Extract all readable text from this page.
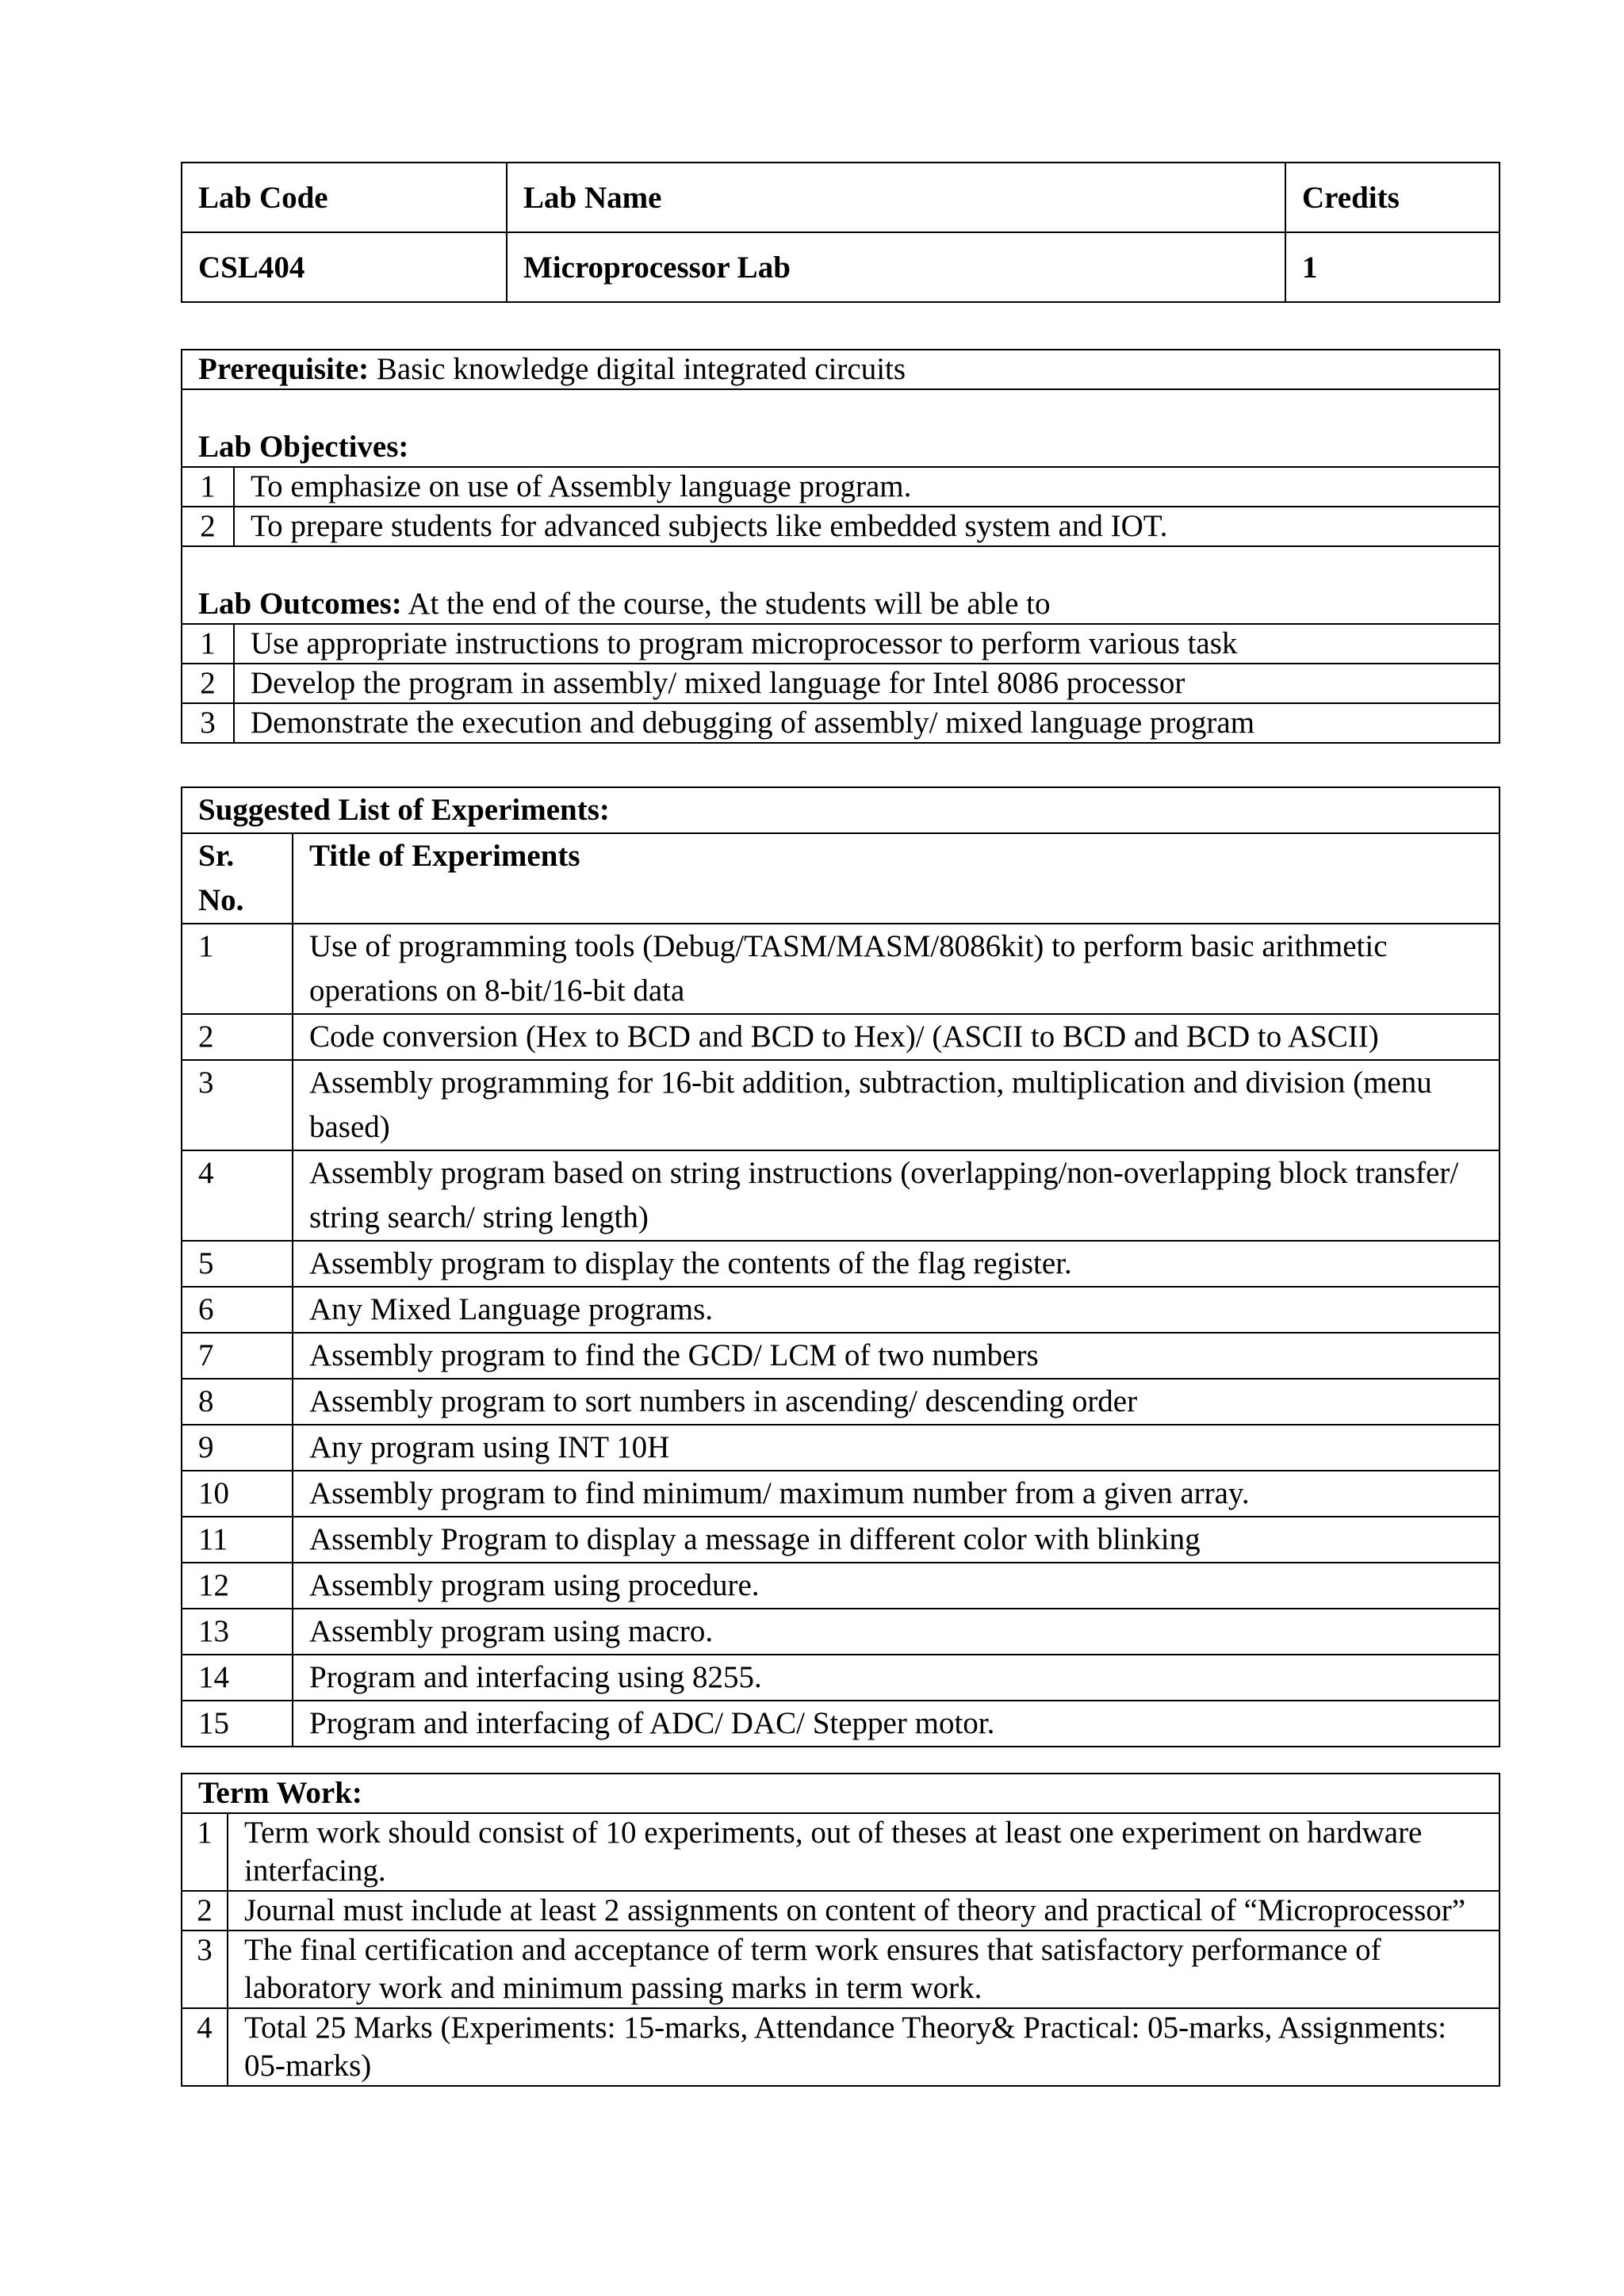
Lab Code	Lab Name	Credits
CSL404	Microprocessor Lab	1
Prerequisite: Basic knowledge digital integrated circuits	

Lab Objectives:	
1	To emphasize on use of Assembly language program.
2	To prepare students for advanced subjects like embedded system and IOT.

Lab Outcomes: At the end of the course, the students will be able to	
1	Use appropriate instructions to program microprocessor to perform various task
2	Develop the program in assembly/ mixed language for Intel 8086 processor
3	Demonstrate the execution and debugging of assembly/ mixed language program
Suggested List of Experiments:	

Sr.
No.	Title of Experiments
1	Use of programming tools (Debug/TASM/MASM/8086kit) to perform basic arithmetic operations on 8-bit/16-bit data
2	Code conversion (Hex to BCD and BCD to Hex)/ (ASCII to BCD and BCD to ASCII)
3	Assembly programming for 16-bit addition, subtraction, multiplication and division (menu based)
4	Assembly program based on string instructions (overlapping/non-overlapping block transfer/ string search/ string length)
5	Assembly program to display the contents of the flag register.
6	Any Mixed Language programs.
7	Assembly program to find the GCD/ LCM of two numbers
8	Assembly program to sort numbers in ascending/ descending order
9	Any program using INT 10H
10	Assembly program to find minimum/ maximum number from a given array.
11	Assembly Program to display a message in different color with blinking
12	Assembly program using procedure.
13	Assembly program using macro.
14	Program and interfacing using 8255.
15	Program and interfacing of ADC/ DAC/ Stepper motor.
Term Work:	
1	Term work should consist of 10 experiments, out of theses at least one experiment on hardware interfacing.
2	Journal must include at least 2 assignments on content of theory and practical of “Microprocessor”
3	The final certification and acceptance of term work ensures that satisfactory performance of laboratory work and minimum passing marks in term work.
4	Total 25 Marks (Experiments: 15-marks, Attendance Theory& Practical: 05-marks, Assignments: 05-marks)
